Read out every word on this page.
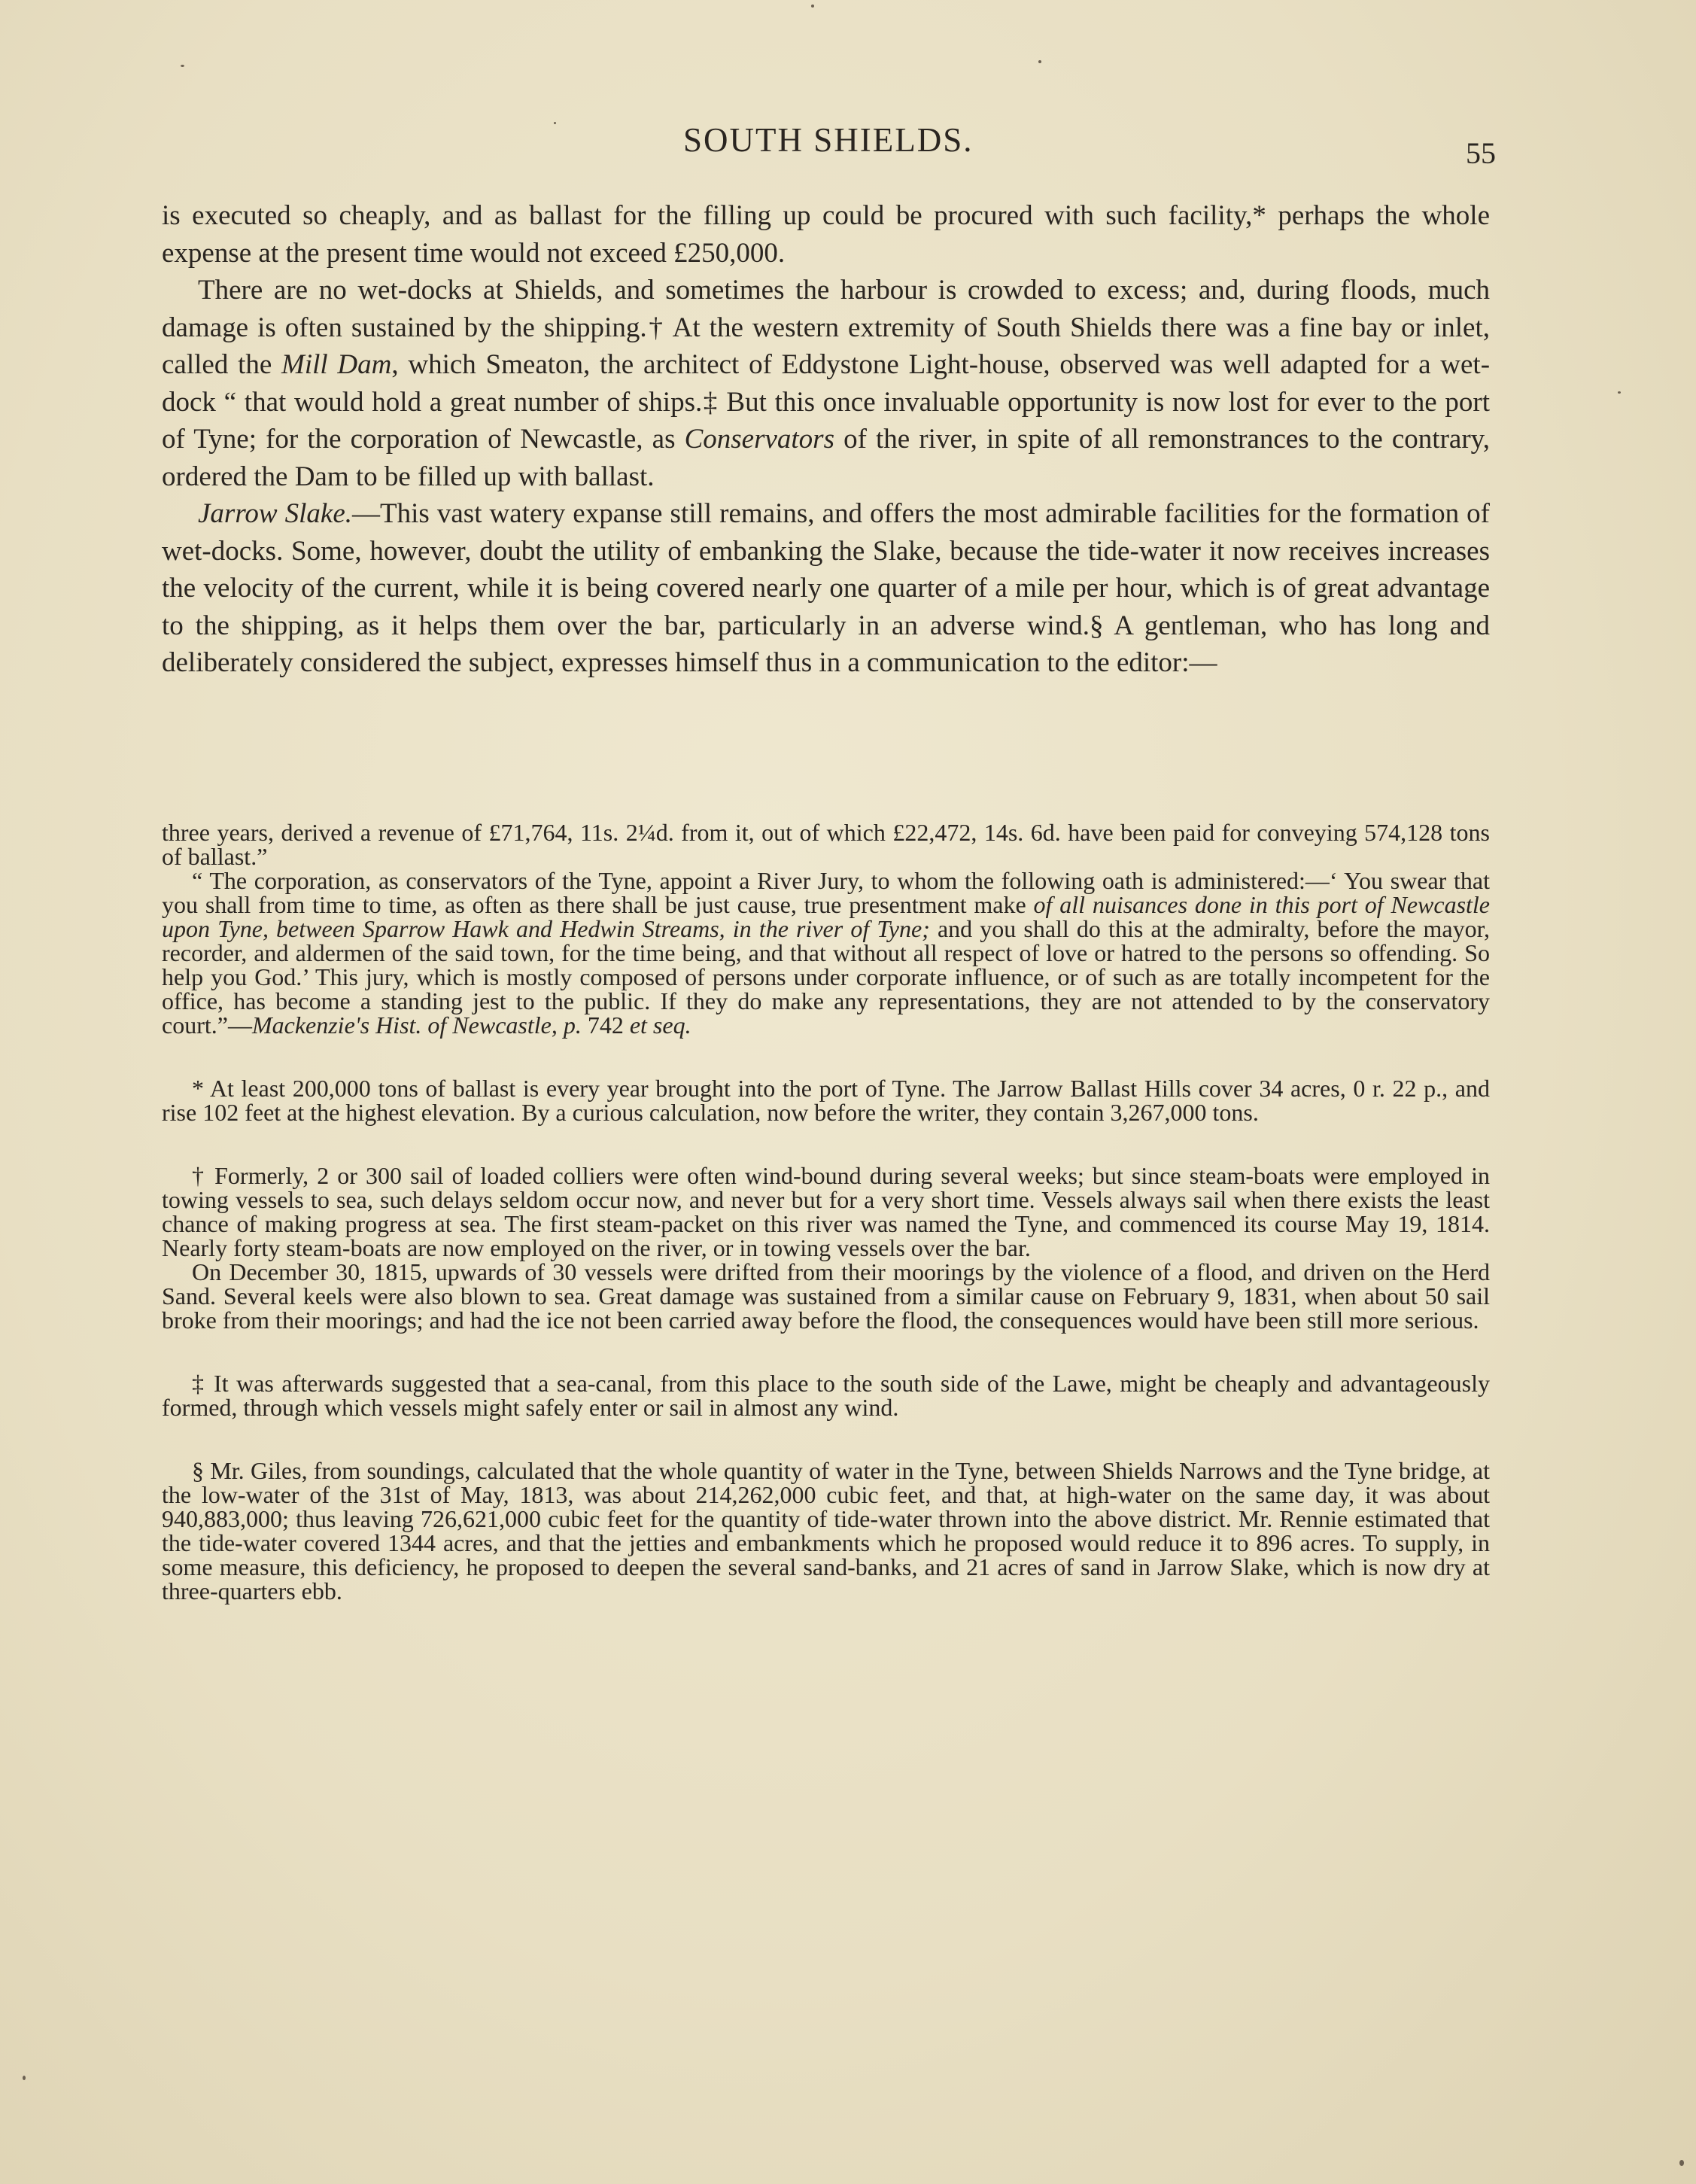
SOUTH SHIELDS.	55

is executed so cheaply, and as ballast for the filling up could be procured with such facility,* perhaps the whole expense at the present time would not exceed £250,000.

There are no wet-docks at Shields, and sometimes the harbour is crowded to excess; and, during floods, much damage is often sustained by the shipping.† At the western extremity of South Shields there was a fine bay or inlet, called the Mill Dam, which Smeaton, the architect of Eddystone Light-house, observed was well adapted for a wet-dock “ that would hold a great number of ships.‡ But this once invaluable opportunity is now lost for ever to the port of Tyne; for the corporation of Newcastle, as Conservators of the river, in spite of all remonstrances to the contrary, ordered the Dam to be filled up with ballast.

Jarrow Slake.—This vast watery expanse still remains, and offers the most admirable facilities for the formation of wet-docks. Some, however, doubt the utility of embanking the Slake, because the tide-water it now receives increases the velocity of the current, while it is being covered nearly one quarter of a mile per hour, which is of great advantage to the shipping, as it helps them over the bar, particularly in an adverse wind.§ A gentleman, who has long and deliberately considered the subject, expresses himself thus in a communication to the editor:—

three years, derived a revenue of £71,764, 11s. 2¼d. from it, out of which £22,472, 14s. 6d. have been paid for conveying 574,128 tons of ballast.”

“ The corporation, as conservators of the Tyne, appoint a River Jury, to whom the following oath is administered:—‘ You swear that you shall from time to time, as often as there shall be just cause, true presentment make of all nuisances done in this port of Newcastle upon Tyne, between Sparrow Hawk and Hedwin Streams, in the river of Tyne; and you shall do this at the admiralty, before the mayor, recorder, and aldermen of the said town, for the time being, and that without all respect of love or hatred to the persons so offending. So help you God.’ This jury, which is mostly composed of persons under corporate influence, or of such as are totally incompetent for the office, has become a standing jest to the public. If they do make any representations, they are not attended to by the conservatory court.”—Mackenzie's Hist. of Newcastle, p. 742 et seq.

* At least 200,000 tons of ballast is every year brought into the port of Tyne. The Jarrow Ballast Hills cover 34 acres, 0 r. 22 p., and rise 102 feet at the highest elevation. By a curious calculation, now before the writer, they contain 3,267,000 tons.

† Formerly, 2 or 300 sail of loaded colliers were often wind-bound during several weeks; but since steam-boats were employed in towing vessels to sea, such delays seldom occur now, and never but for a very short time. Vessels always sail when there exists the least chance of making progress at sea. The first steam-packet on this river was named the Tyne, and commenced its course May 19, 1814. Nearly forty steam-boats are now employed on the river, or in towing vessels over the bar.

On December 30, 1815, upwards of 30 vessels were drifted from their moorings by the violence of a flood, and driven on the Herd Sand. Several keels were also blown to sea. Great damage was sustained from a similar cause on February 9, 1831, when about 50 sail broke from their moorings; and had the ice not been carried away before the flood, the consequences would have been still more serious.

‡ It was afterwards suggested that a sea-canal, from this place to the south side of the Lawe, might be cheaply and advantageously formed, through which vessels might safely enter or sail in almost any wind.

§ Mr. Giles, from soundings, calculated that the whole quantity of water in the Tyne, between Shields Narrows and the Tyne bridge, at the low-water of the 31st of May, 1813, was about 214,262,000 cubic feet, and that, at high-water on the same day, it was about 940,883,000; thus leaving 726,621,000 cubic feet for the quantity of tide-water thrown into the above district. Mr. Rennie estimated that the tide-water covered 1344 acres, and that the jetties and embankments which he proposed would reduce it to 896 acres. To supply, in some measure, this deficiency, he proposed to deepen the several sand-banks, and 21 acres of sand in Jarrow Slake, which is now dry at three-quarters ebb.
